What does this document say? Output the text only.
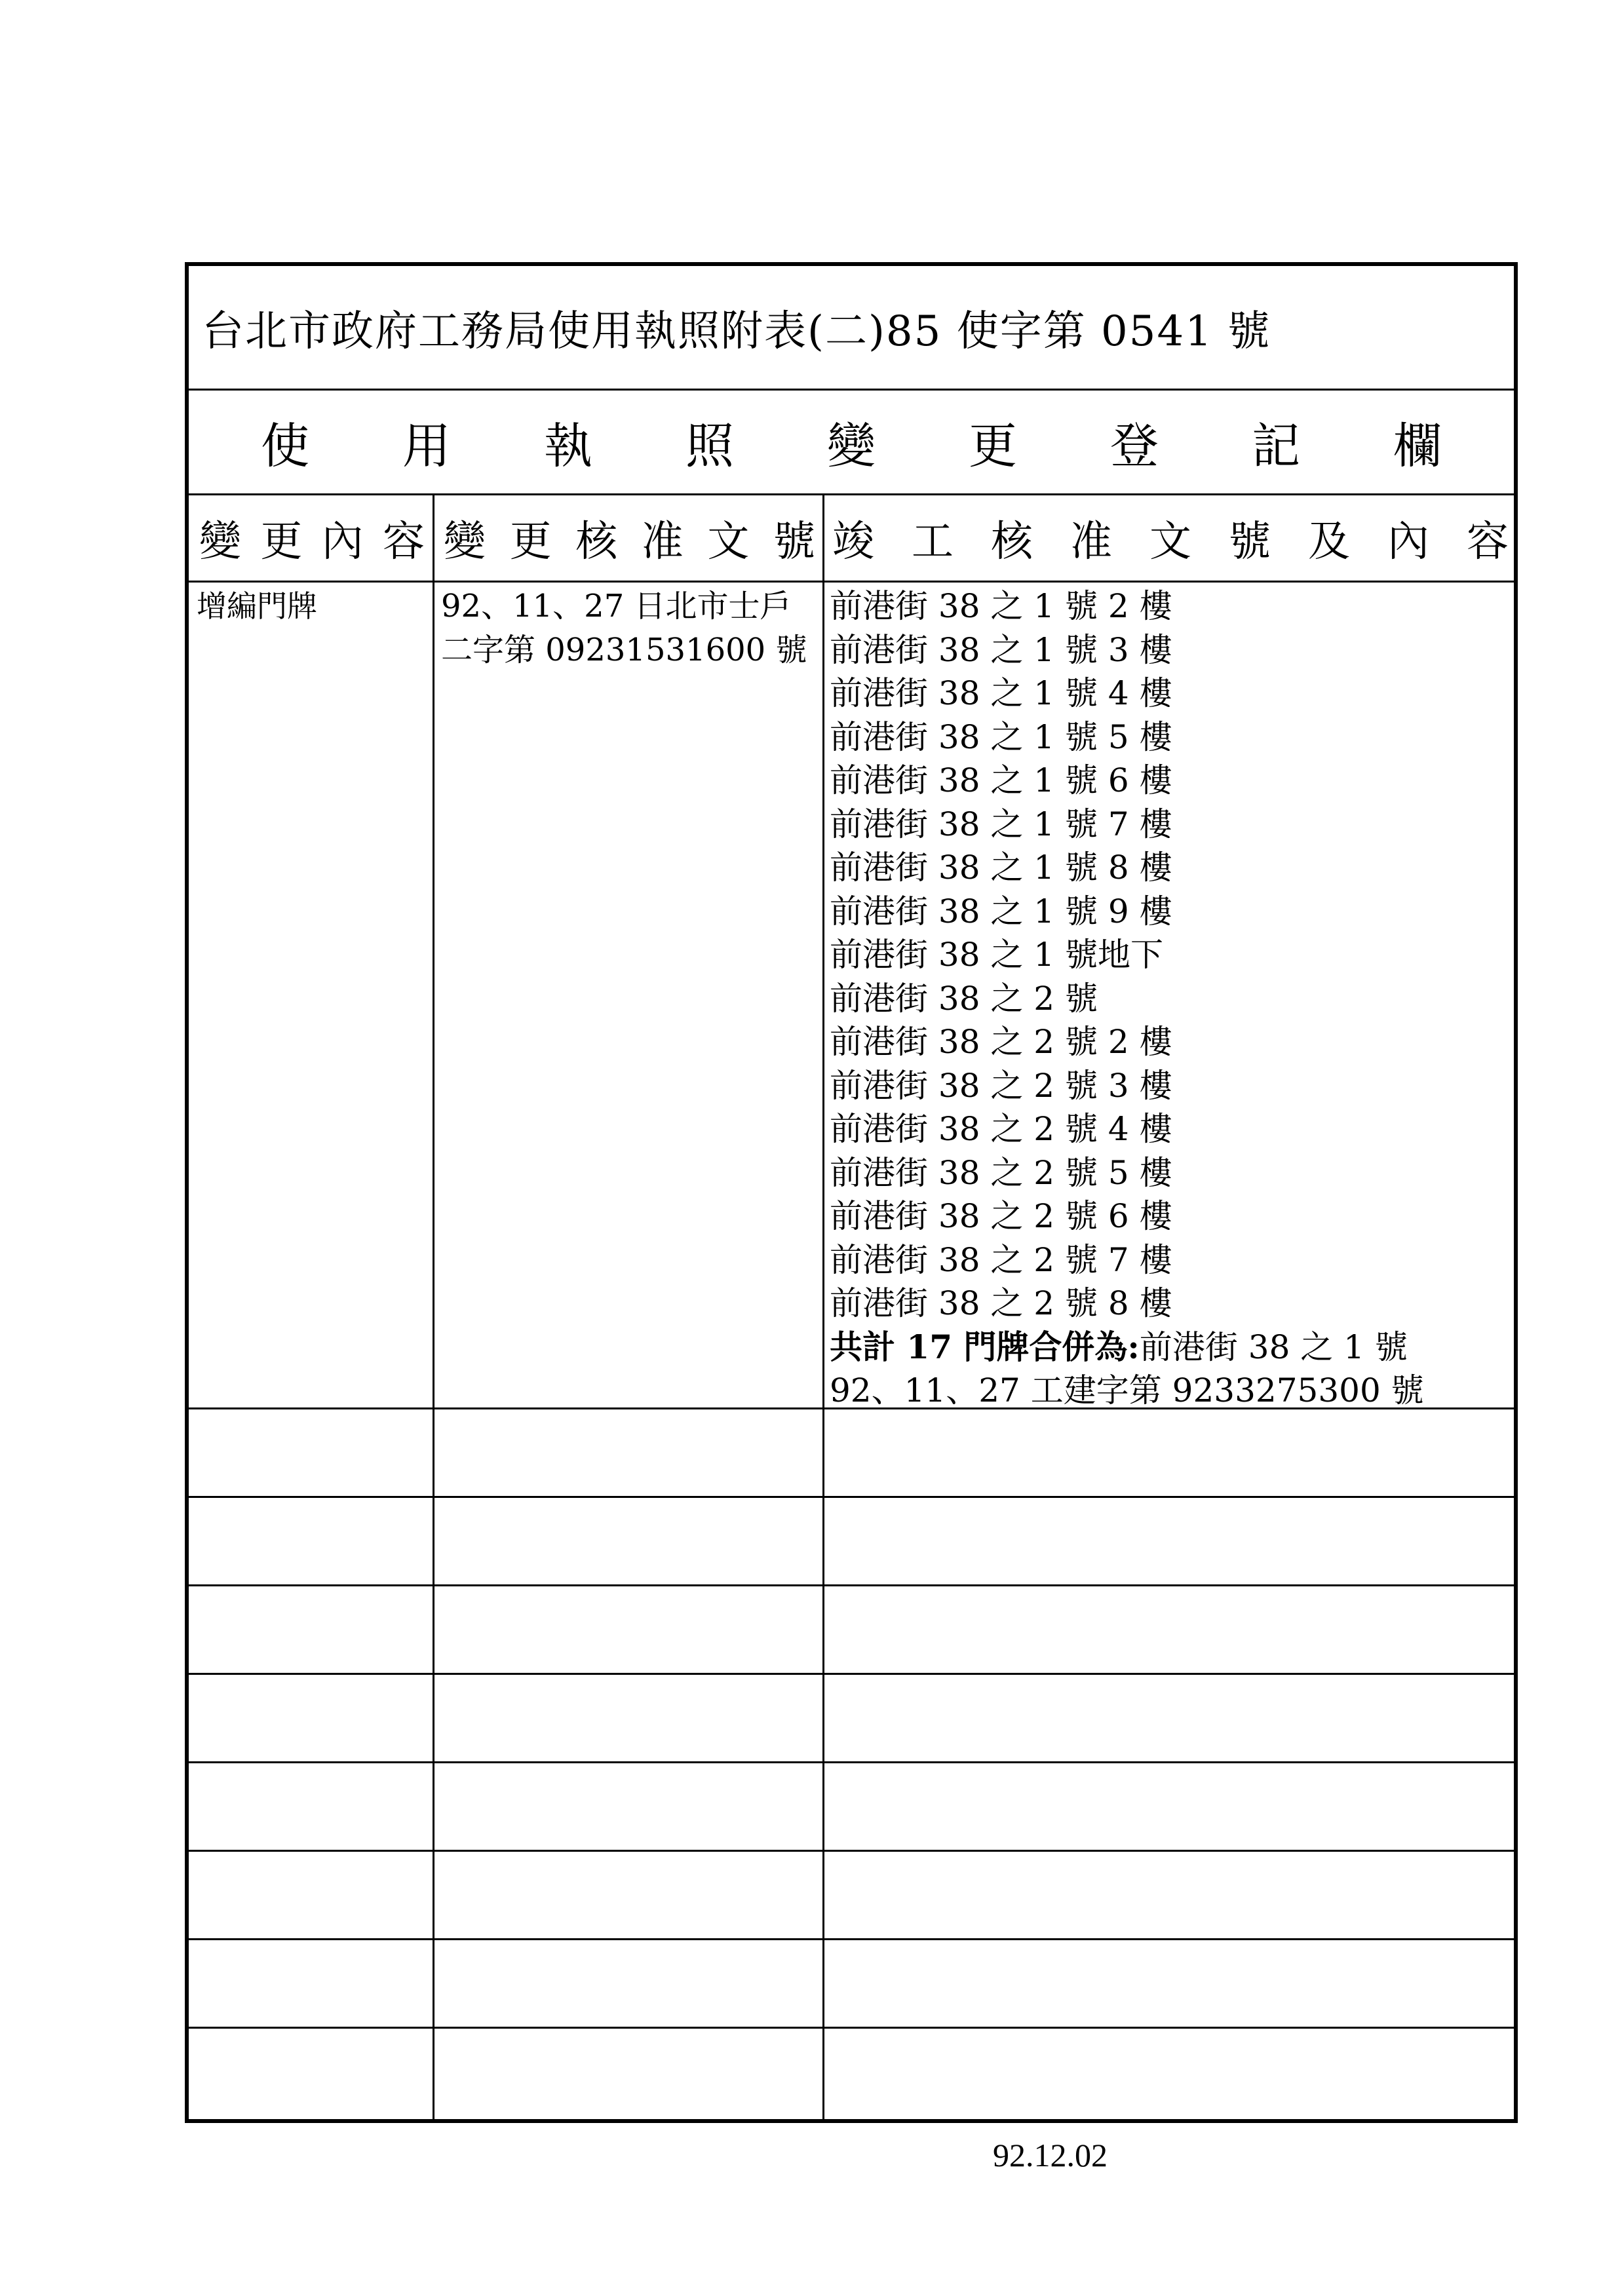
台北市政府工務局使用執照附表(二)85 使字第 0541 號
使 用 執 照 變 更 登 記 欄
變 更 內 容 變 更 核 准 文 號 竣 工 核 准 文 號 及 內 容
增編門牌	92、11、27 日北市士戶
二字第 09231531600 號
前港街 38 之 1 號 2 樓
前港街 38 之 1 號 3 樓
前港街 38 之 1 號 4 樓
前港街 38 之 1 號 5 樓
前港街 38 之 1 號 6 樓
前港街 38 之 1 號 7 樓
前港街 38 之 1 號 8 樓
前港街 38 之 1 號 9 樓
前港街 38 之 1 號地下
前港街 38 之 2 號
前港街 38 之 2 號 2 樓
前港街 38 之 2 號 3 樓
前港街 38 之 2 號 4 樓
前港街 38 之 2 號 5 樓
前港街 38 之 2 號 6 樓
前港街 38 之 2 號 7 樓
前港街 38 之 2 號 8 樓
共計 17 門牌合併為:前港街 38 之 1 號
92、11、27 工建字第 9233275300 號
92.12.02
